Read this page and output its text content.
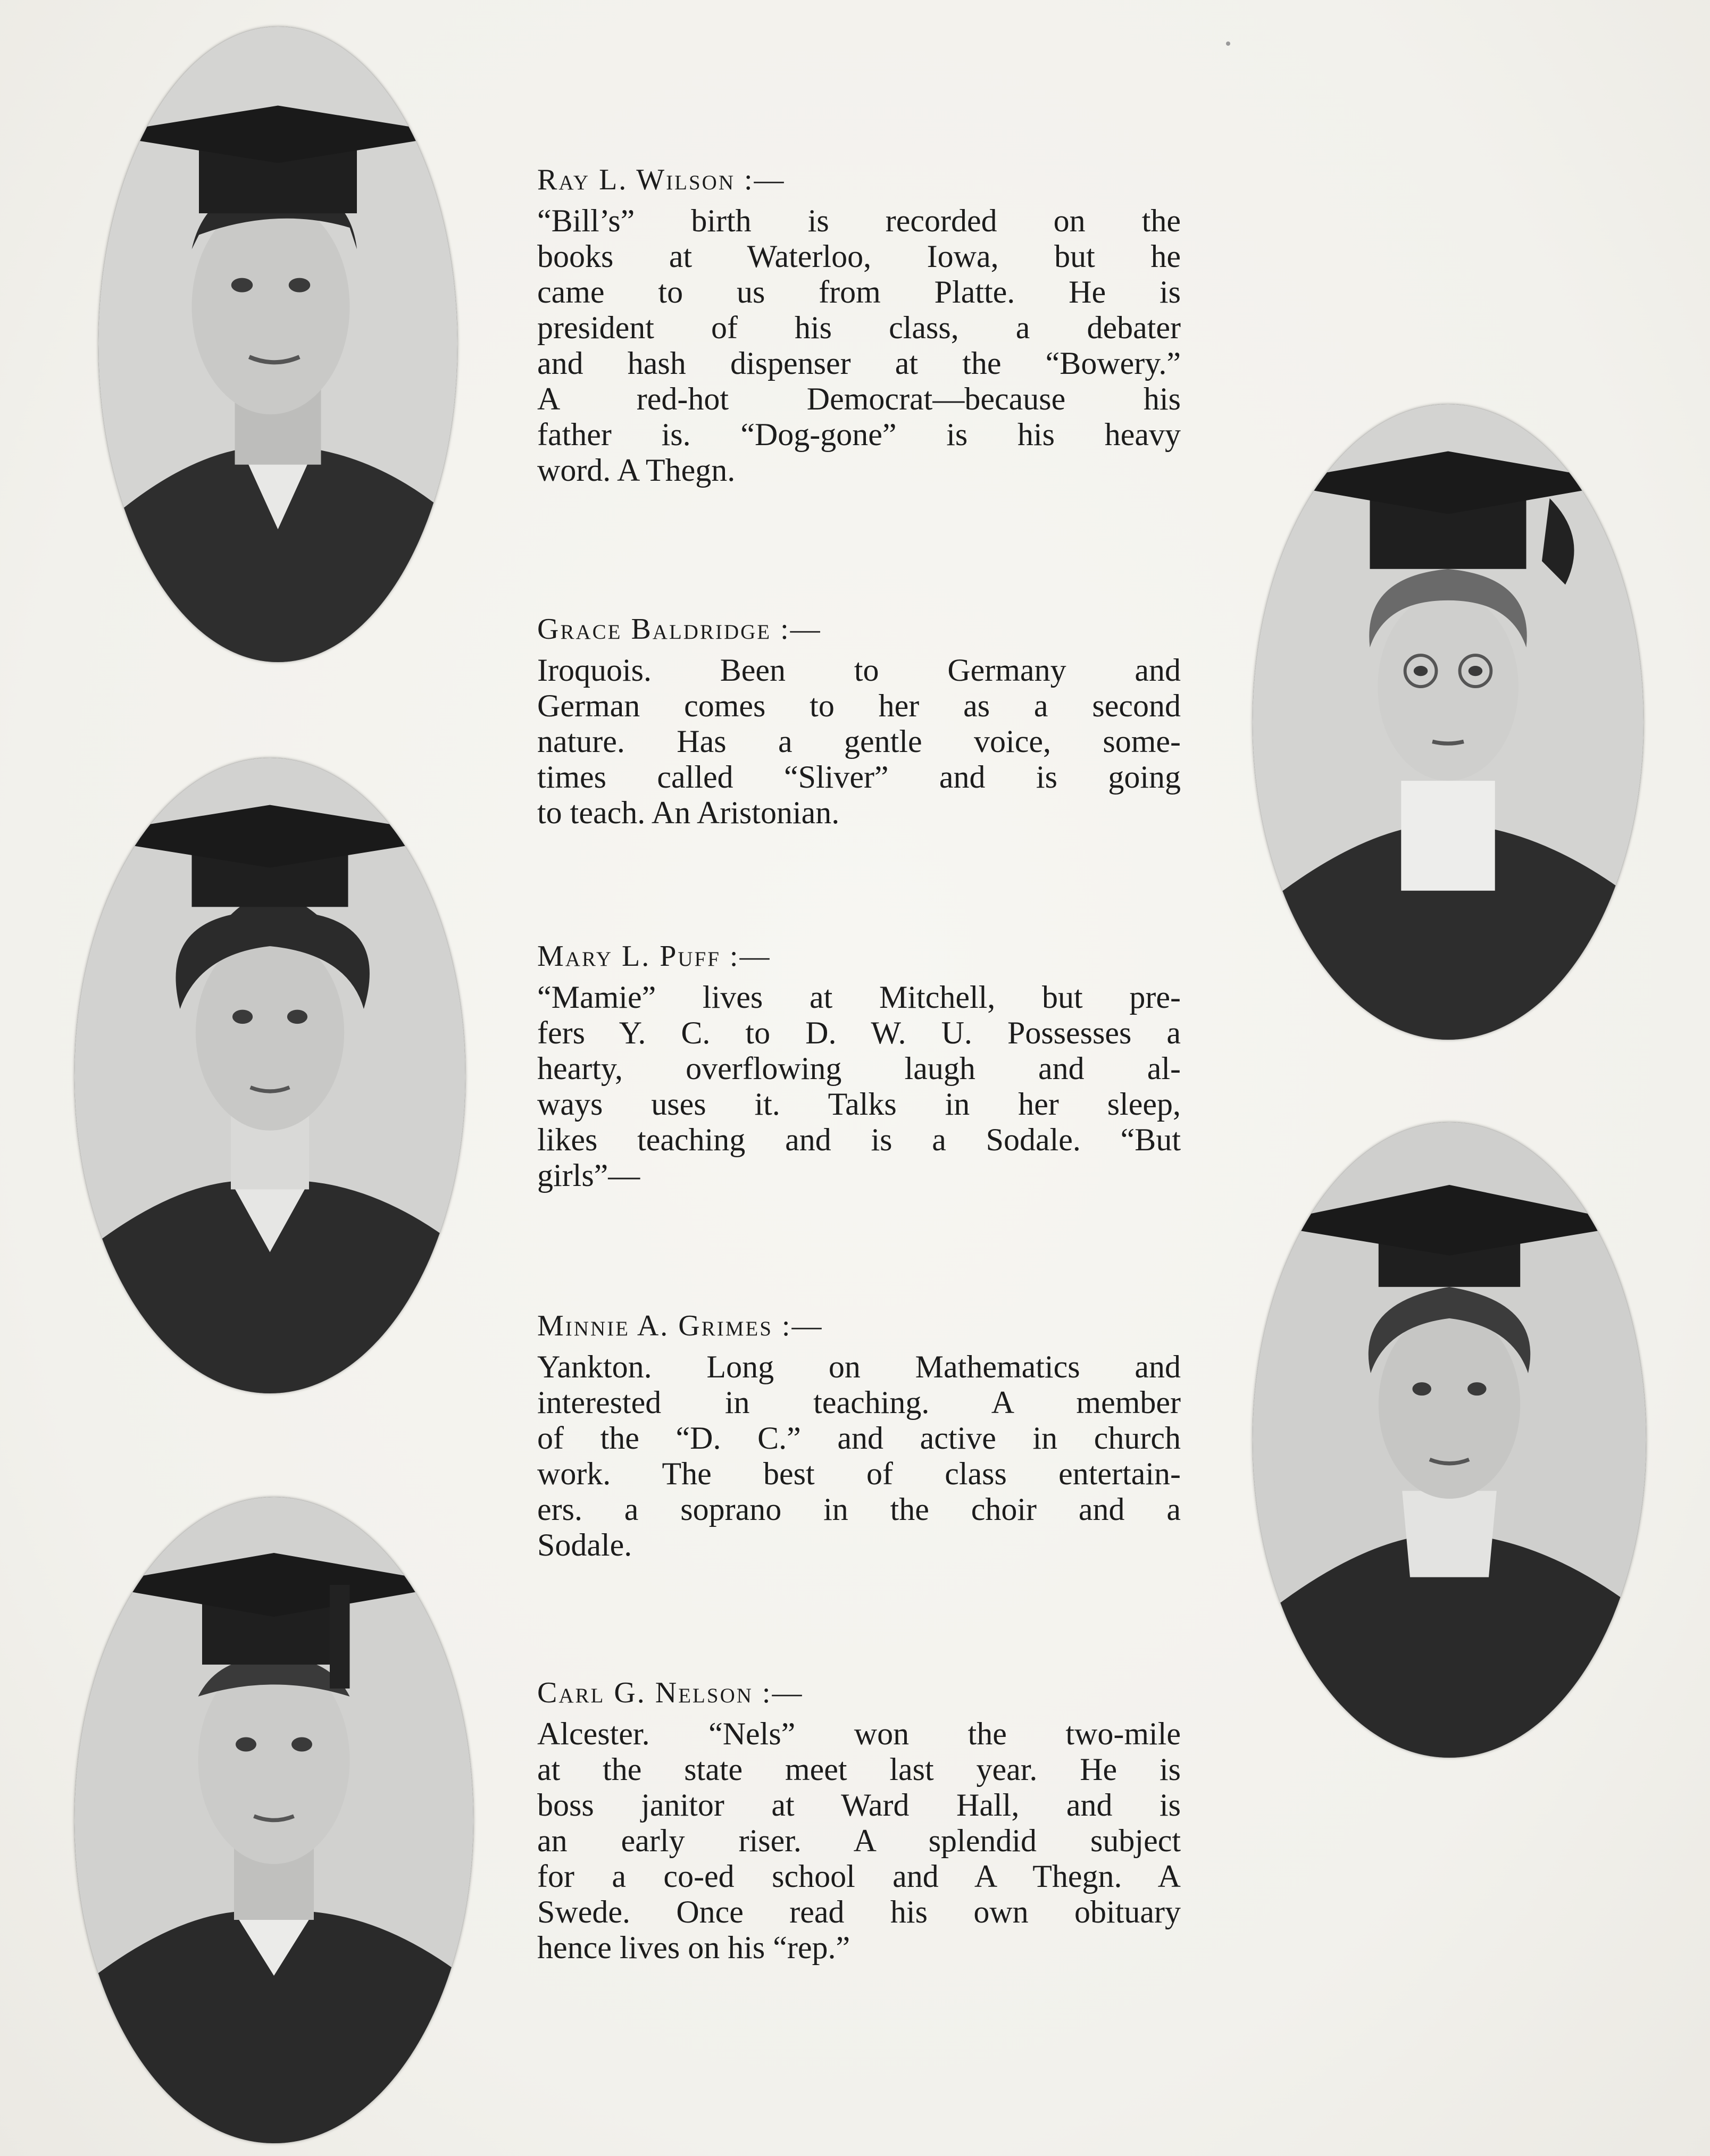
Ray L. Wilson :—
“Bill’s” birth is recorded on the
books at Waterloo, Iowa, but he
came to us from Platte. He is
president of his class, a debater
and hash dispenser at the “Bowery.”
A red-hot Democrat—because his
father is. “Dog-gone” is his heavy
word. A Thegn.
Grace Baldridge :—
Iroquois. Been to Germany and
German comes to her as a second
nature. Has a gentle voice, some-
times called “Sliver” and is going
to teach. An Aristonian.
Mary L. Puff :—
“Mamie” lives at Mitchell, but pre-
fers Y. C. to D. W. U. Possesses a
hearty, overflowing laugh and al-
ways uses it. Talks in her sleep,
likes teaching and is a Sodale. “But
girls”—
Minnie A. Grimes :—
Yankton. Long on Mathematics and
interested in teaching. A member
of the “D. C.” and active in church
work. The best of class entertain-
ers. a soprano in the choir and a
Sodale.
Carl G. Nelson :—
Alcester. “Nels” won the two-mile
at the state meet last year. He is
boss janitor at Ward Hall, and is
an early riser. A splendid subject
for a co-ed school and A Thegn. A
Swede. Once read his own obituary
hence lives on his “rep.”
